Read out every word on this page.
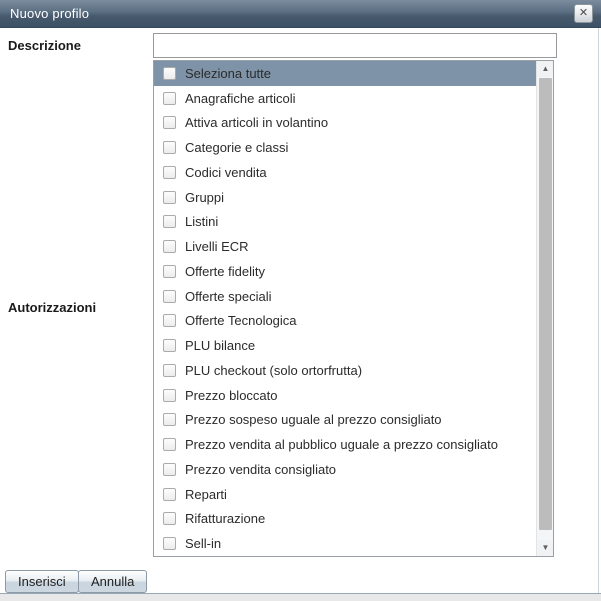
Nuovo profilo	✕
Descrizione
Autorizzazioni
Seleziona tutte
Anagrafiche articoli
Attiva articoli in volantino
Categorie e classi
Codici vendita
Gruppi
Listini
Livelli ECR
Offerte fidelity
Offerte speciali
Offerte Tecnologica
PLU bilance
PLU checkout (solo ortorfrutta)
Prezzo bloccato
Prezzo sospeso uguale al prezzo consigliato
Prezzo vendita al pubblico uguale a prezzo consigliato
Prezzo vendita consigliato
Reparti
Rifatturazione
Sell-in
▲
▼
Inserisci	Annulla
